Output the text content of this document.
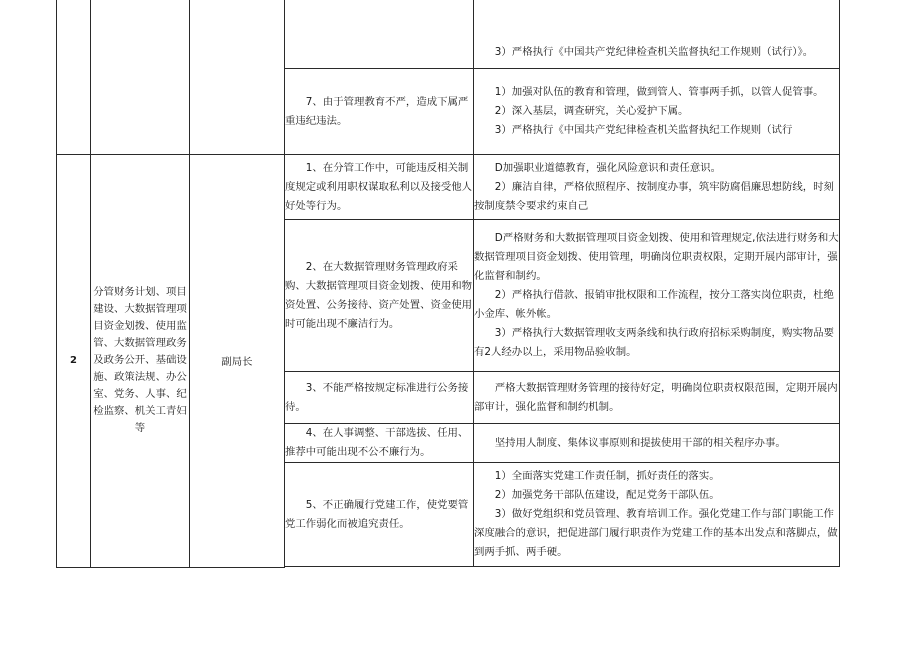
				3）严格执行《中国共产党纪律检查机关监督执纪工作规则（试行）》。

			7、由于管理教育不严，造成下属严重违纪违法。	1）加强对队伍的教育和管理，做到管人、管事两手抓，以管人促管事。
2）深入基层，调查研究，关心爱护下属。
3）严格执行《中国共产党纪律检查机关监督执纪工作规则（试行

2	分管财务计划、项目建设、大数据管理项目资金划拨、使用监管、大数据管理政务及政务公开、基础设施、政策法规、办公室、党务、人事、纪检监察、机关工青妇等	副局长	1、在分管工作中，可能违反相关制度规定或利用职权谋取私利以及接受他人好处等行为。	D加强职业道德教育，强化风险意识和责任意识。
2）廉洁自律，严格依照程序、按制度办事，筑牢防腐倡廉思想防线，时刻按制度禁令要求约束自己

			2、在大数据管理财务管理政府采购、大数据管理项目资金划拨、使用和物资处置、公务接待、资产处置、资金使用时可能出现不廉洁行为。	D严格财务和大数据管理项目资金划拨、使用和管理规定,依法进行财务和大数据管理项目资金划拨、使用管理，明确岗位职责权限，定期开展内部审计，强化监督和制约。
2）严格执行借款、报销审批权限和工作流程，按分工落实岗位职责，杜绝小金库、帐外帐。
3）严格执行大数据管理收支两条线和执行政府招标采购制度，购实物品要有2人经办以上，采用物品验收制。

			3、不能严格按规定标准进行公务接待。	严格大数据管理财务管理的接待好定，明确岗位职责权限范围，定期开展内部审计，强化监督和制约机制。

			4、在人事调整、干部选拔、任用、推荐中可能出现不公不廉行为。	坚持用人制度、集体议事原则和提拔使用干部的相关程序办事。

			5、不正确履行党建工作，使党要管党工作弱化而被追究责任。	1）全面落实党建工作责任制，抓好责任的落实。
2）加强党务干部队伍建设，配足党务干部队伍。
3）做好党组织和党员管理、教育培训工作。强化党建工作与部门职能工作深度融合的意识，把促进部门履行职责作为党建工作的基本出发点和落脚点，做到两手抓、两手硬。
